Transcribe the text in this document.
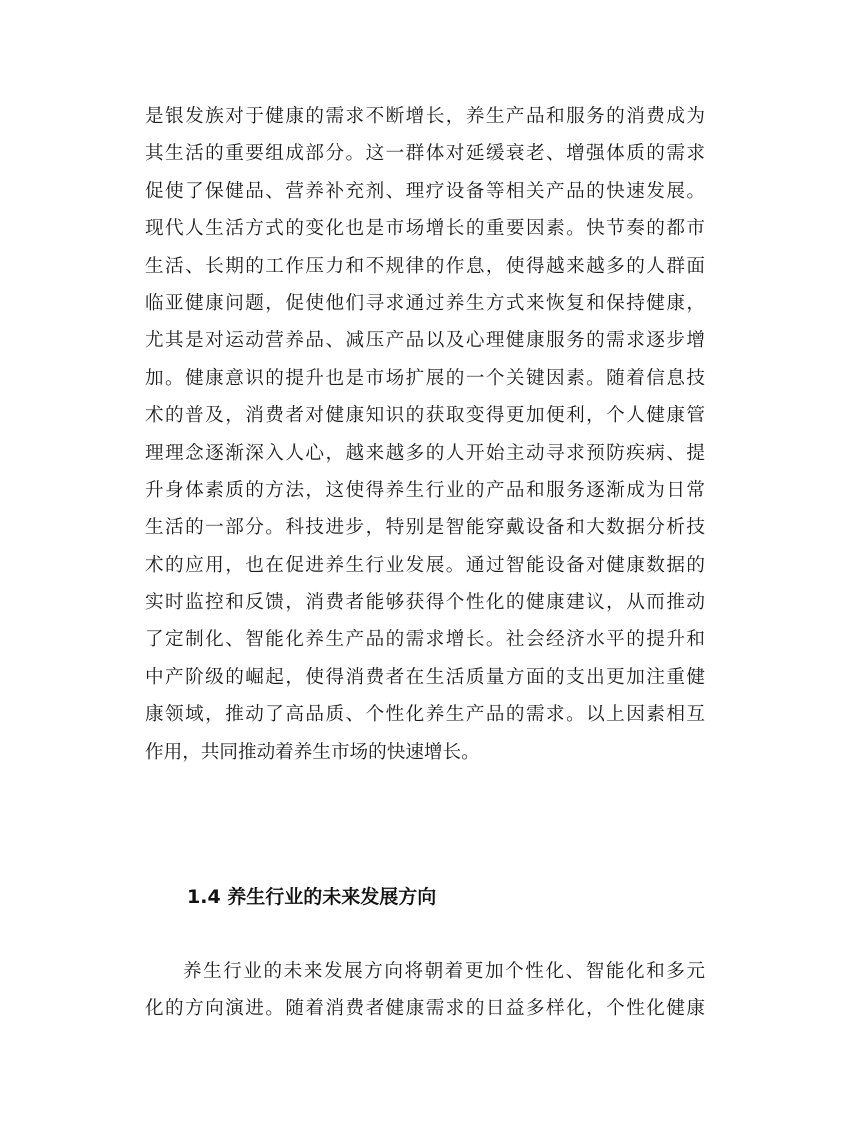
是银发族对于健康的需求不断增长，养生产品和服务的消费成为
其生活的重要组成部分。这一群体对延缓衰老、增强体质的需求
促使了保健品、营养补充剂、理疗设备等相关产品的快速发展。
现代人生活方式的变化也是市场增长的重要因素。快节奏的都市
生活、长期的工作压力和不规律的作息，使得越来越多的人群面
临亚健康问题，促使他们寻求通过养生方式来恢复和保持健康，
尤其是对运动营养品、减压产品以及心理健康服务的需求逐步增
加。健康意识的提升也是市场扩展的一个关键因素。随着信息技
术的普及，消费者对健康知识的获取变得更加便利，个人健康管
理理念逐渐深入人心，越来越多的人开始主动寻求预防疾病、提
升身体素质的方法，这使得养生行业的产品和服务逐渐成为日常
生活的一部分。科技进步，特别是智能穿戴设备和大数据分析技
术的应用，也在促进养生行业发展。通过智能设备对健康数据的
实时监控和反馈，消费者能够获得个性化的健康建议，从而推动
了定制化、智能化养生产品的需求增长。社会经济水平的提升和
中产阶级的崛起，使得消费者在生活质量方面的支出更加注重健
康领域，推动了高品质、个性化养生产品的需求。以上因素相互
作用，共同推动着养生市场的快速增长。
1.4 养生行业的未来发展方向
养生行业的未来发展方向将朝着更加个性化、智能化和多元
化的方向演进。随着消费者健康需求的日益多样化，个性化健康
